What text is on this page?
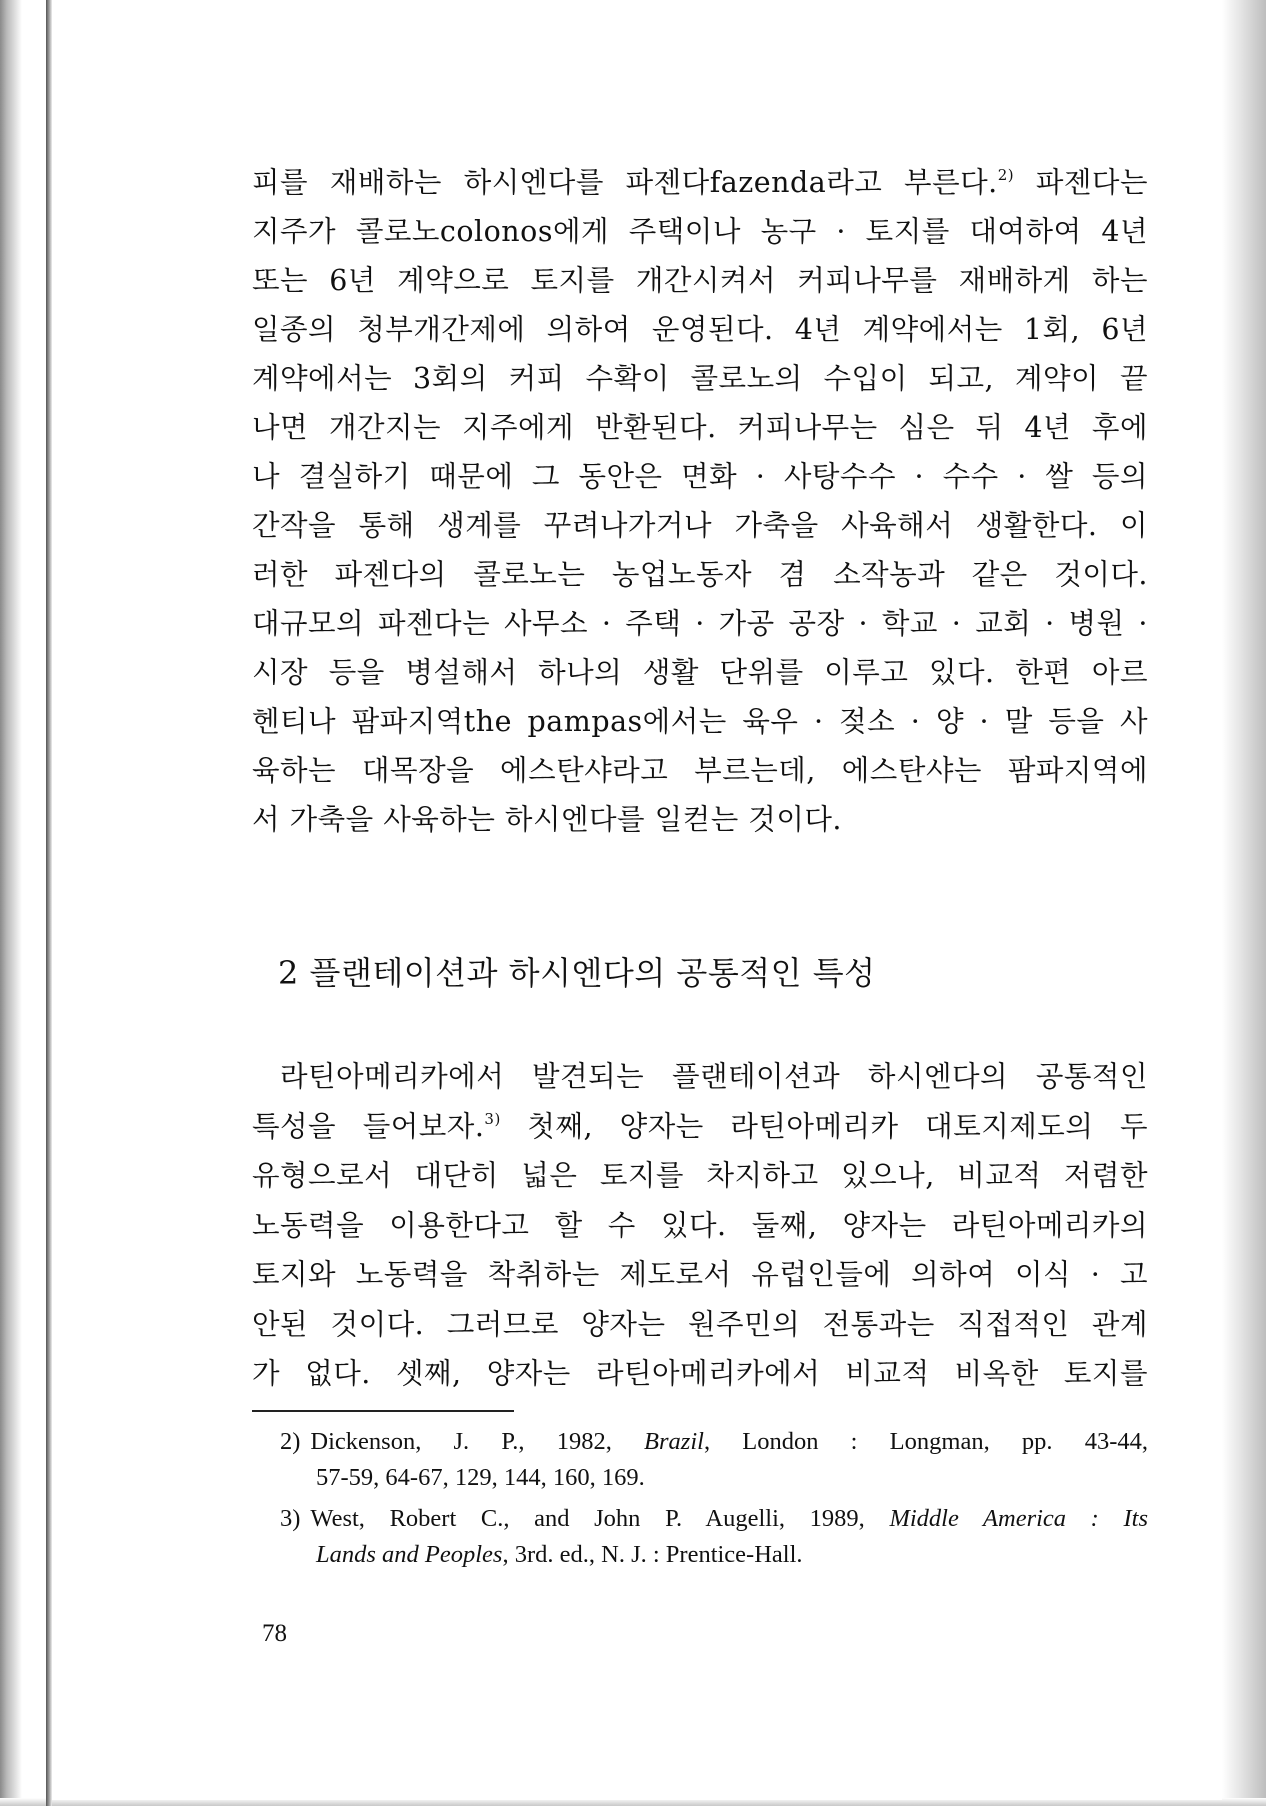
피를 재배하는 하시엔다를 파젠다fazenda라고 부른다.$^{2)}$ 파젠다는
지주가 콜로노colonos에게 주택이나 농구 · 토지를 대여하여 4년
또는 6년 계약으로 토지를 개간시켜서 커피나무를 재배하게 하는
일종의 청부개간제에 의하여 운영된다. 4년 계약에서는 1회, 6년
계약에서는 3회의 커피 수확이 콜로노의 수입이 되고, 계약이 끝
나면 개간지는 지주에게 반환된다. 커피나무는 심은 뒤 4년 후에
나 결실하기 때문에 그 동안은 면화 · 사탕수수 · 수수 · 쌀 등의
간작을 통해 생계를 꾸려나가거나 가축을 사육해서 생활한다. 이
러한 파젠다의 콜로노는 농업노동자 겸 소작농과 같은 것이다.
대규모의 파젠다는 사무소 · 주택 · 가공 공장 · 학교 · 교회 · 병원 ·
시장 등을 병설해서 하나의 생활 단위를 이루고 있다. 한편 아르
헨티나 팜파지역the pampas에서는 육우 · 젖소 · 양 · 말 등을 사
육하는 대목장을 에스탄샤라고 부르는데, 에스탄샤는 팜파지역에
서 가축을 사육하는 하시엔다를 일컫는 것이다.
2 플랜테이션과 하시엔다의 공통적인 특성
라틴아메리카에서 발견되는 플랜테이션과 하시엔다의 공통적인
특성을 들어보자.$^{3)}$ 첫째, 양자는 라틴아메리카 대토지제도의 두
유형으로서 대단히 넓은 토지를 차지하고 있으나, 비교적 저렴한
노동력을 이용한다고 할 수 있다. 둘째, 양자는 라틴아메리카의
토지와 노동력을 착취하는 제도로서 유럽인들에 의하여 이식 · 고
안된 것이다. 그러므로 양자는 원주민의 전통과는 직접적인 관계
가 없다. 셋째, 양자는 라틴아메리카에서 비교적 비옥한 토지를
2) Dickenson, J. P., 1982, Brazil, London : Longman, pp. 43-44,
57-59, 64-67, 129, 144, 160, 169.
3) West, Robert C., and John P. Augelli, 1989, Middle America : Its
Lands and Peoples, 3rd. ed., N. J. : Prentice-Hall.
78
